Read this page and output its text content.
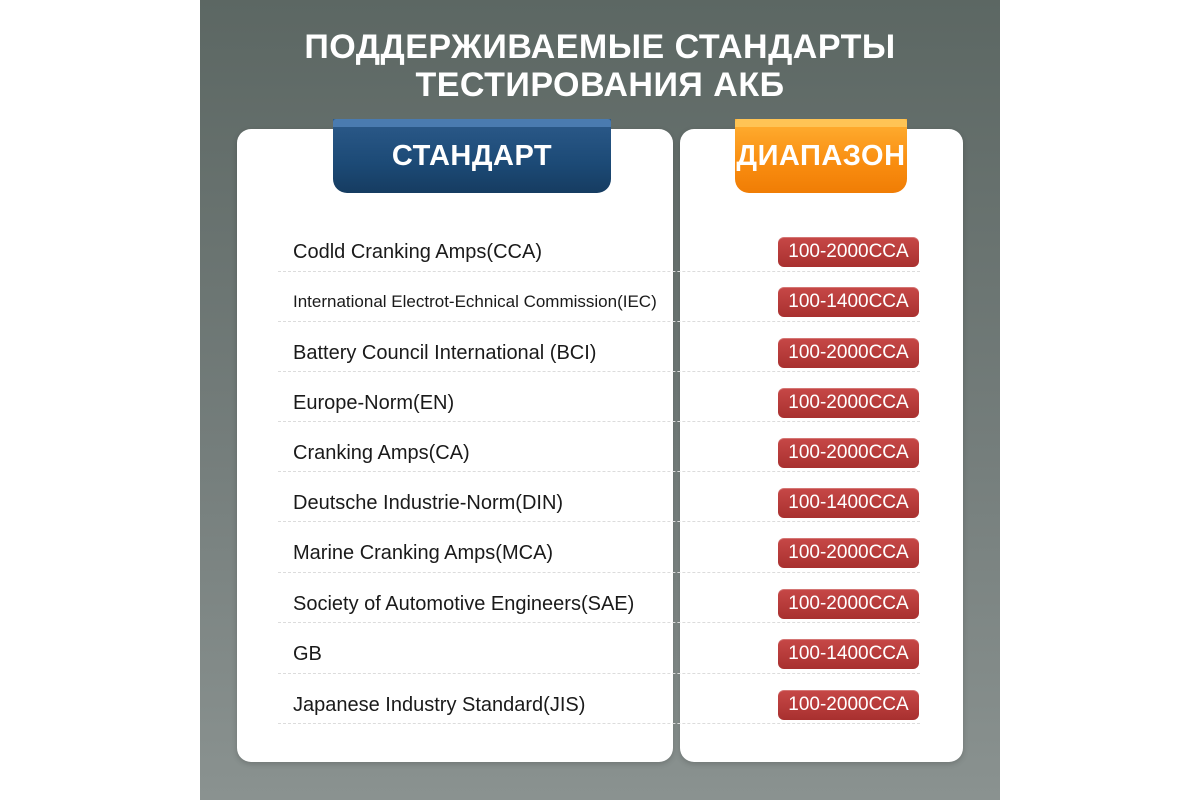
ПОДДЕРЖИВАЕМЫЕ СТАНДАРТЫ
ТЕСТИРОВАНИЯ АКБ
СТАНДАРТ	ДИАПАЗОН
Codld Cranking Amps(CCA)	100-2000CCA
International Electrot-Echnical Commission(IEC)	100-1400CCA
Battery Council International (BCI)	100-2000CCA
Europe-Norm(EN)	100-2000CCA
Cranking Amps(CA)	100-2000CCA
Deutsche Industrie-Norm(DIN)	100-1400CCA
Marine Cranking Amps(MCA)	100-2000CCA
Society of Automotive Engineers(SAE)	100-2000CCA
GB	100-1400CCA
Japanese Industry Standard(JIS)	100-2000CCA
